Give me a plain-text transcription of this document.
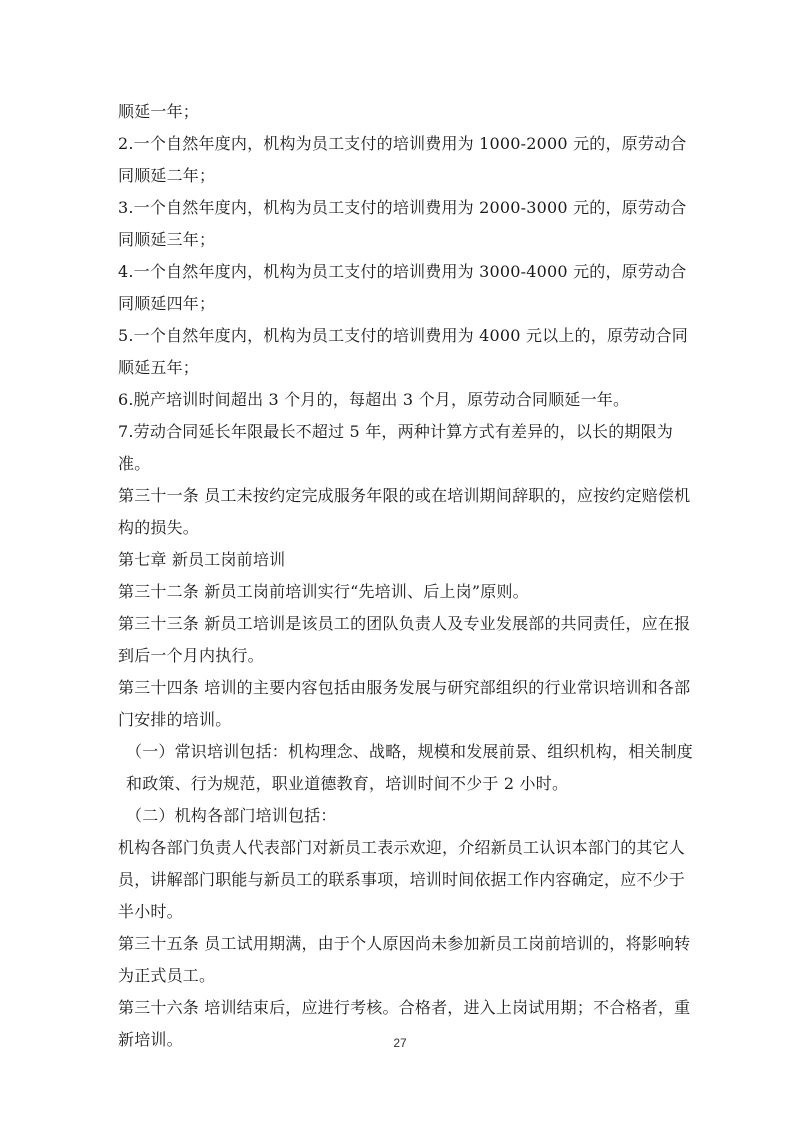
顺延一年；

2.一个自然年度内，机构为员工支付的培训费用为 1000-2000 元的，原劳动合同顺延二年；

3.一个自然年度内，机构为员工支付的培训费用为 2000-3000 元的，原劳动合同顺延三年；

4.一个自然年度内，机构为员工支付的培训费用为 3000-4000 元的，原劳动合同顺延四年；

5.一个自然年度内，机构为员工支付的培训费用为 4000 元以上的，原劳动合同顺延五年；

6.脱产培训时间超出 3 个月的，每超出 3 个月，原劳动合同顺延一年。

7.劳动合同延长年限最长不超过 5 年，两种计算方式有差异的，以长的期限为准。

第三十一条 员工未按约定完成服务年限的或在培训期间辞职的，应按约定赔偿机构的损失。

第七章 新员工岗前培训

第三十二条 新员工岗前培训实行“先培训、后上岗”原则。

第三十三条 新员工培训是该员工的团队负责人及专业发展部的共同责任，应在报到后一个月内执行。

第三十四条 培训的主要内容包括由服务发展与研究部组织的行业常识培训和各部门安排的培训。

（一）常识培训包括：机构理念、战略，规模和发展前景、组织机构，相关制度和政策、行为规范，职业道德教育，培训时间不少于 2 小时。

（二）机构各部门培训包括：

机构各部门负责人代表部门对新员工表示欢迎，介绍新员工认识本部门的其它人员，讲解部门职能与新员工的联系事项，培训时间依据工作内容确定，应不少于半小时。

第三十五条 员工试用期满，由于个人原因尚未参加新员工岗前培训的，将影响转为正式员工。

第三十六条 培训结束后，应进行考核。合格者，进入上岗试用期；不合格者，重新培训。	27
